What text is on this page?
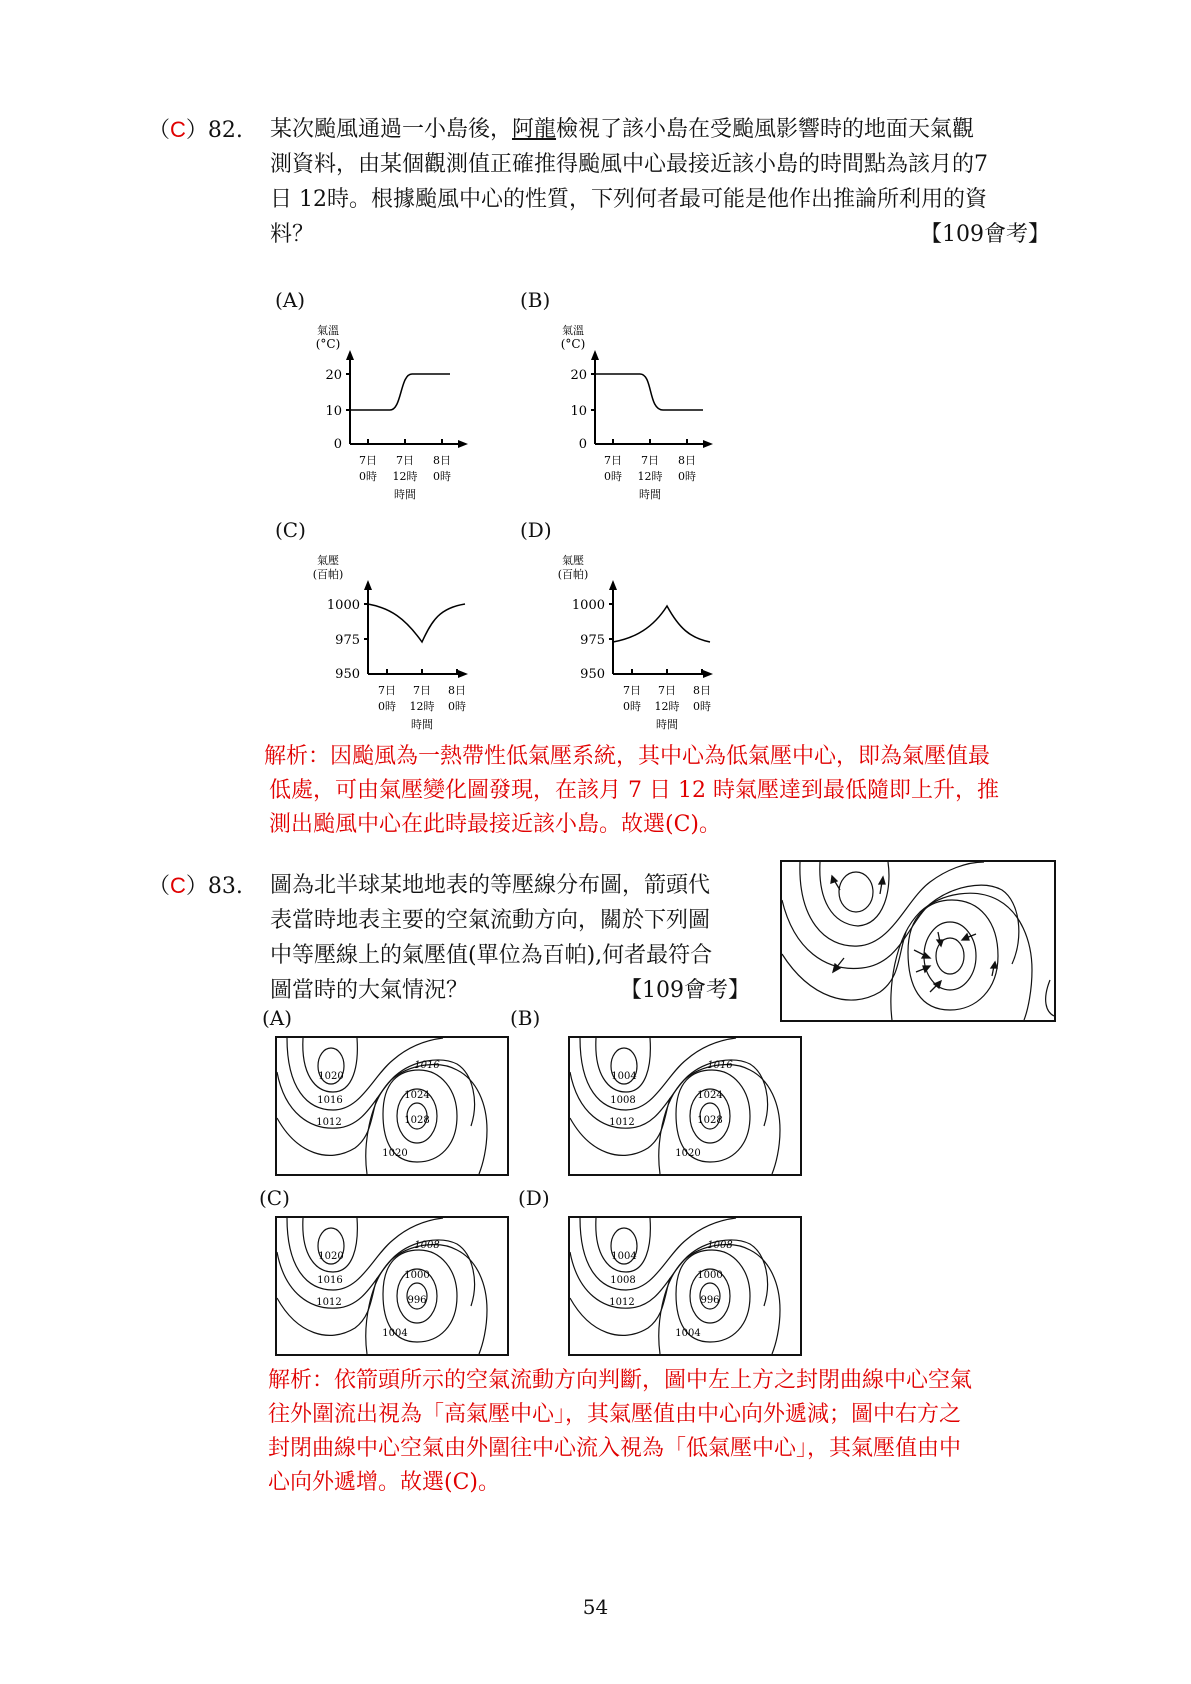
（C）82. 某次颱風通過一小島後，阿龍檢視了該小島在受颱風影響時的地面天氣觀
測資料，由某個觀測值正確推得颱風中心最接近該小島的時間點為該月的7
日 12時。根據颱風中心的性質，下列何者最可能是他作出推論所利用的資
料？	【109會考】
(A)	(B)
(C)	(D)
氣溫
(°C)
20
10
0
7日 7日 8日
0時 12時 0時
時間
氣溫
(°C)
20
10
0
7日 7日 8日
0時 12時 0時
時間
氣壓
(百帕)
1000
975
950
7日 7日 8日
0時 12時 0時
時間
氣壓
(百帕)
1000
975
950
7日 7日 8日
0時 12時 0時
時間
解析：因颱風為一熱帶性低氣壓系統，其中心為低氣壓中心，即為氣壓值最
低處，可由氣壓變化圖發現，在該月 7 日 12 時氣壓達到最低隨即上升，推
測出颱風中心在此時最接近該小島。故選(C)。
（C）83. 圖為北半球某地地表的等壓線分布圖，箭頭代
表當時地表主要的空氣流動方向，關於下列圖
中等壓線上的氣壓值(單位為百帕),何者最符合
圖當時的大氣情況？	【109會考】
(A)	(B)
(C)	(D)
1020
1016
1012
1016
1024
1028
1020
1004
1008
1012
1016
1024
1028
1020
1020
1016
1012
1008
1000
996
1004
1004
1008
1012
1008
1000
996
1004
解析：依箭頭所示的空氣流動方向判斷，圖中左上方之封閉曲線中心空氣
往外圍流出視為「高氣壓中心」，其氣壓值由中心向外遞減；圖中右方之
封閉曲線中心空氣由外圍往中心流入視為「低氣壓中心」，其氣壓值由中
心向外遞增。故選(C)。
54
